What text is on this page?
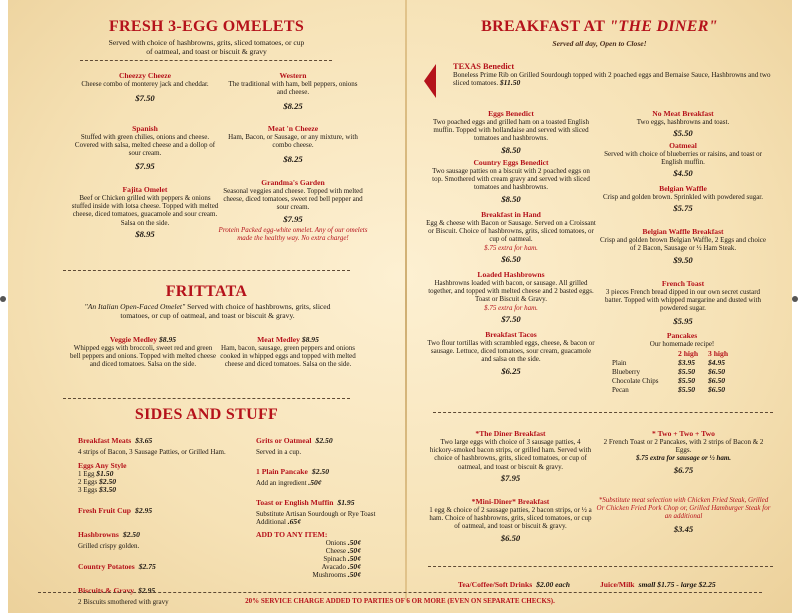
FRESH 3-EGG OMELETS
Served with choice of hashbrowns, grits, sliced tomatoes, or cup of oatmeal, and toast or biscuit & gravy
Cheezzy Cheeze
Cheese combo of monterey jack and cheddar.
$7.50
Western
The traditional with ham, bell peppers, onions and cheese.
$8.25
Spanish
Stuffed with green chilies, onions and cheese. Covered with salsa, melted cheese and a dollop of sour cream.
$7.95
Meat 'n Cheeze
Ham, Bacon, or Sausage, or any mixture, with combo cheese.
$8.25
Fajita Omelet
Beef or Chicken grilled with peppers & onions stuffed inside with lotsa cheese. Topped with melted cheese, diced tomatoes, guacamole and sour cream. Salsa on the side.
$8.95
Grandma's Garden
Seasonal veggies and cheese. Topped with melted cheese, diced tomatoes, sweet red bell pepper and sour cream.
$7.95
Protein Packed egg-white omelet. Any of our omelets made the healthy way. No extra charge!
FRITTATA
"An Italian Open-Faced Omelet" Served with choice of hashbrowns, grits, sliced tomatoes, or cup of oatmeal, and toast or biscuit & gravy.
Veggie Medley $8.95
Whipped eggs with broccoli, sweet red and green bell peppers and onions. Topped with melted cheese and diced tomatoes. Salsa on the side.
Meat Medley $8.95
Ham, bacon, sausage, green peppers and onions cooked in whipped eggs and topped with melted cheese and diced tomatoes. Salsa on the side.
SIDES AND STUFF
Breakfast Meats $3.65
4 strips of Bacon, 3 Sausage Patties, or Grilled Ham.
Eggs Any Style
1 Egg $1.50
2 Eggs $2.50
3 Eggs $3.50
Fresh Fruit Cup $2.95
Hashbrowns $2.50
Grilled crispy golden.
Country Potatoes $2.75
Biscuits & Gravy $2.95
2 Biscuits smothered with gravy
Grits or Oatmeal $2.50
Served in a cup.
1 Plain Pancake $2.50
Add an ingredient .50¢
Toast or English Muffin $1.95
Substitute Artisan Sourdough or Rye Toast
Additional .65¢
ADD TO ANY ITEM:
Onions .50¢
Cheese .50¢
Spinach .50¢
Avacado .50¢
Mushrooms .50¢
BREAKFAST AT "THE DINER"
Served all day, Open to Close!
TEXAS Benedict
Boneless Prime Rib on Grilled Sourdough topped with 2 poached eggs and Bernaise Sauce, Hashbrowns and two sliced tomatoes. $11.50
Eggs Benedict
Two poached eggs and grilled ham on a toasted English muffin. Topped with hollandaise and served with sliced tomatoes and hashbrowns.
$8.50
Country Eggs Benedict
Two sausage patties on a biscuit with 2 poached eggs on top. Smothered with cream gravy and served with sliced tomatoes and hashbrowns.
$8.50
Breakfast in Hand
Egg & cheese with Bacon or Sausage. Served on a Croissant or Biscuit. Choice of hashbrowns, grits, sliced tomatoes, or cup of oatmeal.
$.75 extra for ham.
$6.50
Loaded Hashbrowns
Hashbrowns loaded with bacon, or sausage. All grilled together, and topped with melted cheese and 2 basted eggs. Toast or Biscuit & Gravy.
$.75 extra for ham.
$7.50
Breakfast Tacos
Two flour tortillas with scrambled eggs, cheese, & bacon or sausage. Lettuce, diced tomatoes, sour cream, guacamole and salsa on the side.
$6.25
No Meat Breakfast
Two eggs, hashbrowns and toast.
$5.50
Oatmeal
Served with choice of blueberries or raisins, and toast or English muffin.
$4.50
Belgian Waffle
Crisp and golden brown. Sprinkled with powdered sugar.
$5.75
Belgian Waffle Breakfast
Crisp and golden brown Belgian Waffle, 2 Eggs and choice of 2 Bacon, Sausage or ½ Ham Steak.
$9.50
French Toast
3 pieces French bread dipped in our own secret custard batter. Topped with whipped margarine and dusted with powdered sugar.
$5.95
Pancakes
Our homemade recipe!
	2 high	3 high
Plain	$3.95	$4.95
Blueberry	$5.50	$6.50
Chocolate Chips	$5.50	$6.50
Pecan	$5.50	$6.50
*The Diner Breakfast
Two large eggs with choice of 3 sausage patties, 4 hickory-smoked bacon strips, or grilled ham. Served with choice of hashbrowns, grits, sliced tomatoes, or cup of oatmeal, and toast or biscuit & gravy.
$7.95
*Mini-Diner* Breakfast
1 egg & choice of 2 sausage patties, 2 bacon strips, or ½ a ham. Choice of hashbrowns, grits, sliced tomatoes, or cup of oatmeal, and toast or biscuit & gravy.
$6.50
* Two + Two + Two
2 French Toast or 2 Pancakes, with 2 strips of Bacon & 2 Eggs.
$.75 extra for sausage or ½ ham.
$6.75
*Substitute meat selection with Chicken Fried Steak, Grilled Or Chicken Fried Pork Chop or, Grilled Hamburger Steak for an additional
$3.45
Tea/Coffee/Soft Drinks $2.00 each	Juice/Milk small $1.75 - large $2.25
20% SERVICE CHARGE ADDED TO PARTIES OF 6 OR MORE (EVEN ON SEPARATE CHECKS).
